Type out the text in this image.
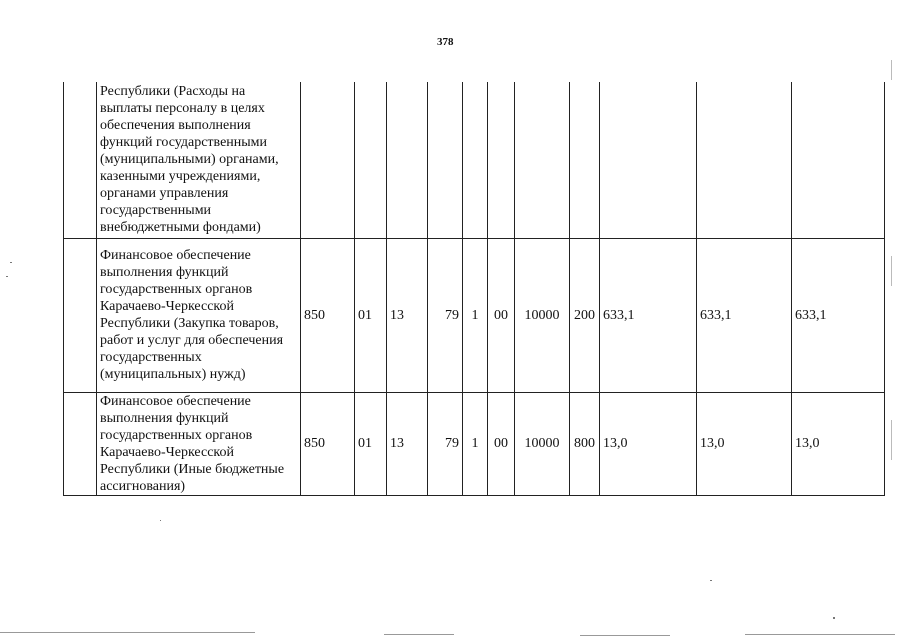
378
	Республики (Расходы на выплаты персоналу в целях обеспечения выполнения функций государственными (муниципальными) органами, казенными учреждениями, органами управления государственными внебюджетными фондами)											
	Финансовое обеспечение выполнения функций государственных органов Карачаево-Черкесской Республики (Закупка товаров, работ и услуг для обеспечения государственных (муниципальных) нужд)	850	01	13	79	1	00	10000	200	633,1	633,1	633,1
	Финансовое обеспечение выполнения функций государственных органов Карачаево-Черкесской Республики (Иные бюджетные ассигнования)	850	01	13	79	1	00	10000	800	13,0	13,0	13,0
